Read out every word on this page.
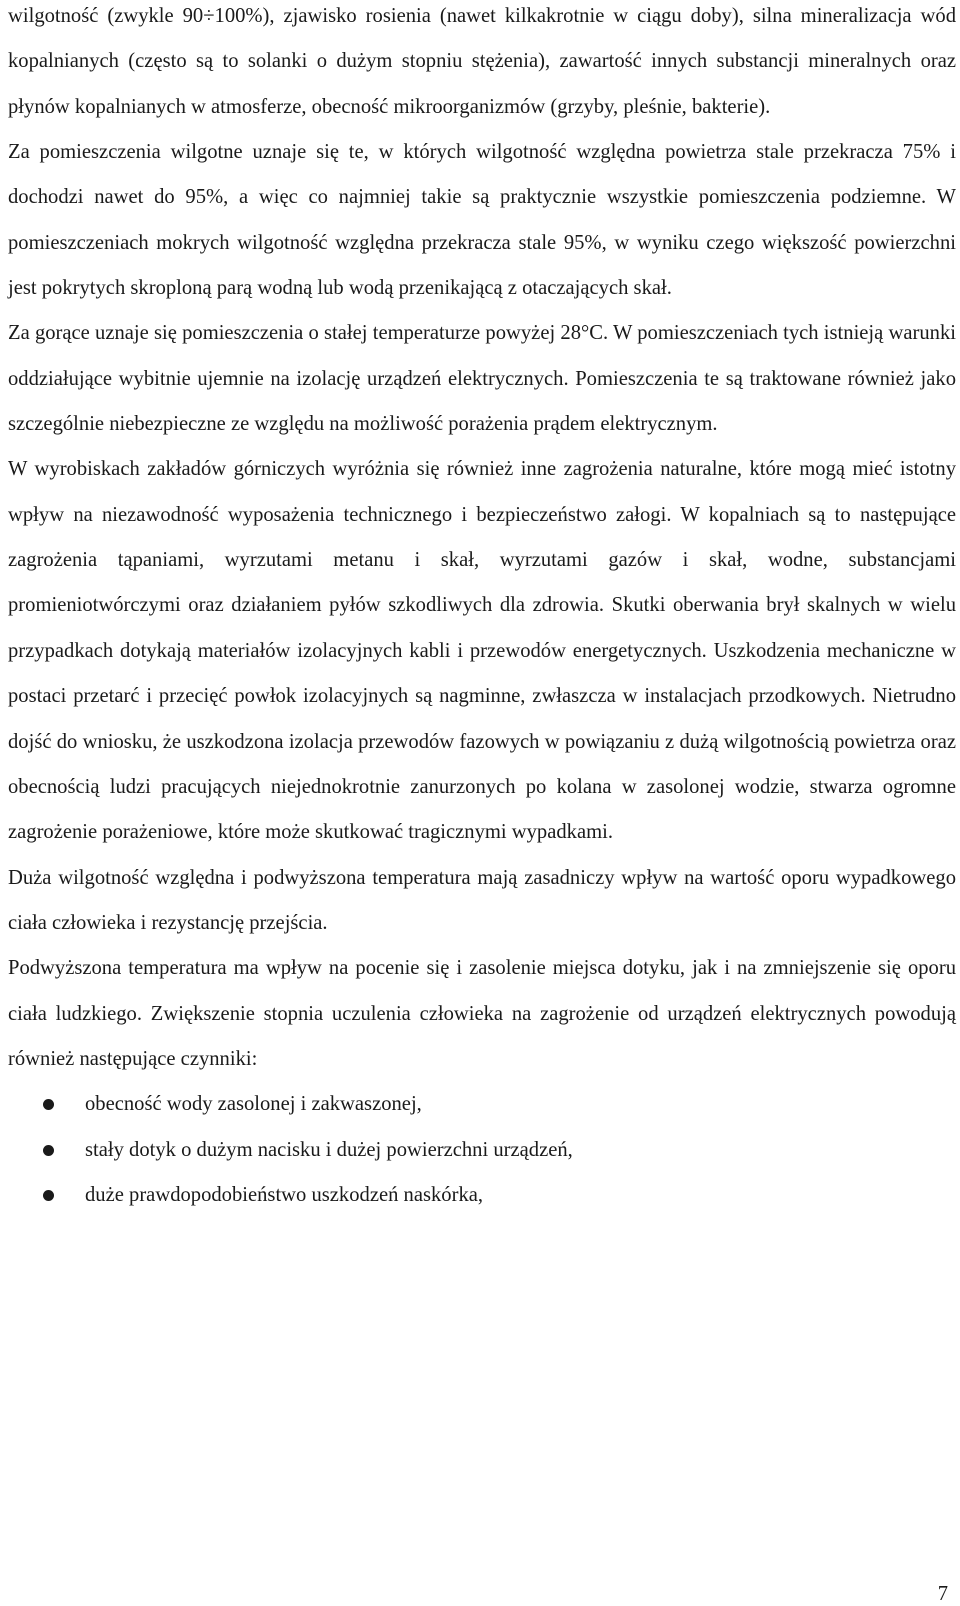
wilgotność (zwykle 90÷100%), zjawisko rosienia (nawet kilkakrotnie w ciągu doby), silna mineralizacja wód kopalnianych (często są to solanki o dużym stopniu stężenia), zawartość innych substancji mineralnych oraz płynów kopalnianych w atmosferze, obecność mikroorganizmów (grzyby, pleśnie, bakterie).

Za pomieszczenia wilgotne uznaje się te, w których wilgotność względna powietrza stale przekracza 75% i dochodzi nawet do 95%, a więc co najmniej takie są praktycznie wszystkie pomieszczenia podziemne. W pomieszczeniach mokrych wilgotność względna przekracza stale 95%, w wyniku czego większość powierzchni jest pokrytych skroploną parą wodną lub wodą przenikającą z otaczających skał.

Za gorące uznaje się pomieszczenia o stałej temperaturze powyżej 28°C. W pomieszczeniach tych istnieją warunki oddziałujące wybitnie ujemnie na izolację urządzeń elektrycznych. Pomieszczenia te są traktowane również jako szczególnie niebezpieczne ze względu na możliwość porażenia prądem elektrycznym.

W wyrobiskach zakładów górniczych wyróżnia się również inne zagrożenia naturalne, które mogą mieć istotny wpływ na niezawodność wyposażenia technicznego i bezpieczeństwo załogi. W kopalniach są to następujące zagrożenia tąpaniami, wyrzutami metanu i skał, wyrzutami gazów i skał, wodne, substancjami promieniotwórczymi oraz działaniem pyłów szkodliwych dla zdrowia. Skutki oberwania brył skalnych w wielu przypadkach dotykają materiałów izolacyjnych kabli i przewodów energetycznych. Uszkodzenia mechaniczne w postaci przetarć i przecięć powłok izolacyjnych są nagminne, zwłaszcza w instalacjach przodkowych. Nietrudno dojść do wniosku, że uszkodzona izolacja przewodów fazowych w powiązaniu z dużą wilgotnością powietrza oraz obecnością ludzi pracujących niejednokrotnie zanurzonych po kolana w zasolonej wodzie, stwarza ogromne zagrożenie porażeniowe, które może skutkować tragicznymi wypadkami.

Duża wilgotność względna i podwyższona temperatura mają zasadniczy wpływ na wartość oporu wypadkowego ciała człowieka i rezystancję przejścia.

Podwyższona temperatura ma wpływ na pocenie się i zasolenie miejsca dotyku, jak i na zmniejszenie się oporu ciała ludzkiego. Zwiększenie stopnia uczulenia człowieka na zagrożenie od urządzeń elektrycznych powodują również następujące czynniki:

obecność wody zasolonej i zakwaszonej,
stały dotyk o dużym nacisku i dużej powierzchni urządzeń,
duże prawdopodobieństwo uszkodzeń naskórka,
7
